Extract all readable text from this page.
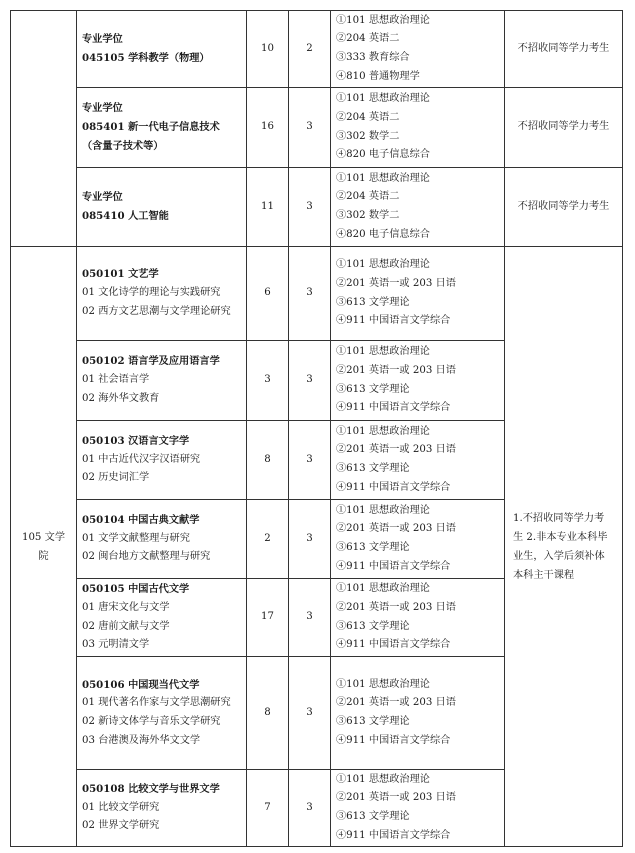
	专业学位
045105 学科教学（物理）	10	2	①101 思想政治理论
②204 英语二
③333 教育综合
④810 普通物理学	不招收同等学力考生

	专业学位
085401 新一代电子信息技术
（含量子技术等）	16	3	①101 思想政治理论
②204 英语二
③302 数学二
④820 电子信息综合	不招收同等学力考生

	专业学位
085410 人工智能	11	3	①101 思想政治理论
②204 英语二
③302 数学二
④820 电子信息综合	不招收同等学力考生
105 文学院	050101 文艺学
01 文化诗学的理论与实践研究
02 西方文艺思潮与文学理论研究	6	3	①101 思想政治理论
②201 英语一或 203 日语
③613 文学理论
④911 中国语言文学综合	1.不招收同等学力考生 2.非本专业本科毕业生，入学后须补体本科主干课程

	050102 语言学及应用语言学
01 社会语言学
02 海外华文教育	3	3	①101 思想政治理论
②201 英语一或 203 日语
③613 文学理论
④911 中国语言文学综合	

	050103 汉语言文字学
01 中古近代汉字汉语研究
02 历史词汇学	8	3	①101 思想政治理论
②201 英语一或 203 日语
③613 文学理论
④911 中国语言文学综合	

	050104 中国古典文献学
01 文学文献整理与研究
02 闽台地方文献整理与研究	2	3	①101 思想政治理论
②201 英语一或 203 日语
③613 文学理论
④911 中国语言文学综合	

	050105 中国古代文学
01 唐宋文化与文学
02 唐前文献与文学
03 元明清文学	17	3	①101 思想政治理论
②201 英语一或 203 日语
③613 文学理论
④911 中国语言文学综合	

	050106 中国现当代文学
01 现代著名作家与文学思潮研究
02 新诗文体学与音乐文学研究
03 台港澳及海外华文文学	8	3	①101 思想政治理论
②201 英语一或 203 日语
③613 文学理论
④911 中国语言文学综合	

	050108 比较文学与世界文学
01 比较文学研究
02 世界文学研究	7	3	①101 思想政治理论
②201 英语一或 203 日语
③613 文学理论
④911 中国语言文学综合	
